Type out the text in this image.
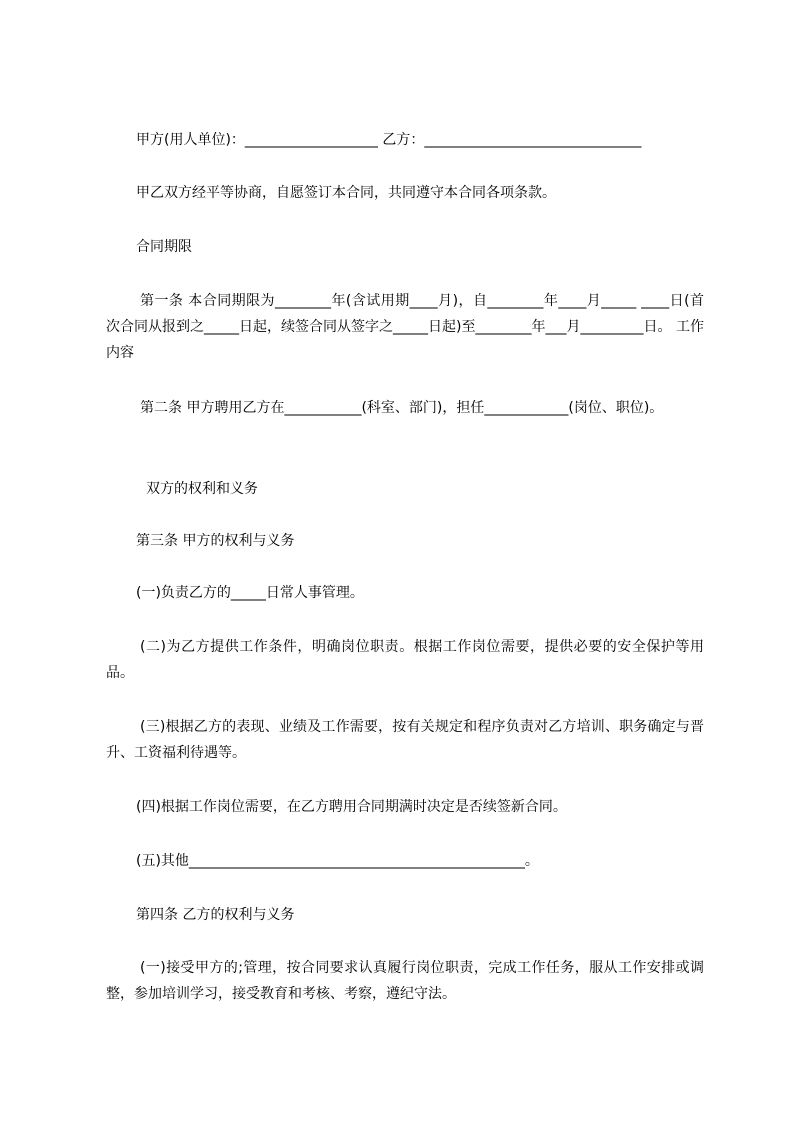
甲方(用人单位)：___________________ 乙方：_______________________________
甲乙双方经平等协商，自愿签订本合同，共同遵守本合同各项条款。
合同期限
第一条 本合同期限为________年(含试用期____月)，自________年____月_____ ____日(首次合同从报到之_____日起，续签合同从签字之_____日起)至________年___月_________日。 工作内容
第二条 甲方聘用乙方在___________(科室、部门)，担任____________(岗位、职位)。
双方的权利和义务
第三条 甲方的权利与义务
(一)负责乙方的_____日常人事管理。
(二)为乙方提供工作条件，明确岗位职责。根据工作岗位需要，提供必要的安全保护等用品。
(三)根据乙方的表现、业绩及工作需要，按有关规定和程序负责对乙方培训、职务确定与晋升、工资福利待遇等。
(四)根据工作岗位需要，在乙方聘用合同期满时决定是否续签新合同。
(五)其他________________________________________________。
第四条 乙方的权利与义务
(一)接受甲方的;管理，按合同要求认真履行岗位职责，完成工作任务，服从工作安排或调整，参加培训学习，接受教育和考核、考察，遵纪守法。
